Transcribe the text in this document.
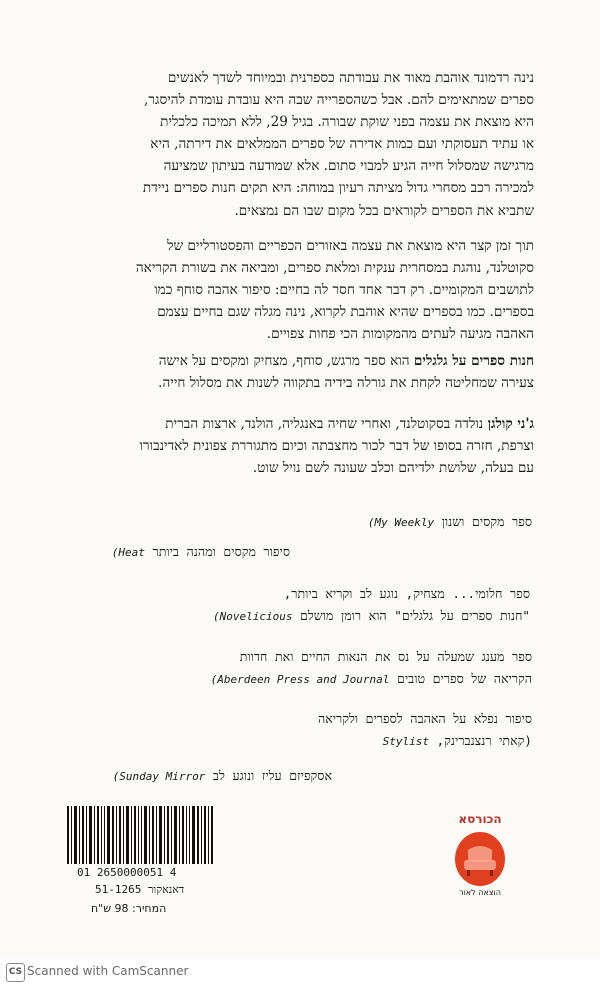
נינה רדמונד אוהבת מאוד את עבודתה כספרנית ובמיוחד לשדך לאנשים
ספרים שמתאימים להם. אבל כשהספרייה שבה היא עובדת עומדת להיסגר,
היא מוצאת את עצמה בפני שוקת שבורה. בגיל 29, ללא תמיכה כלכלית
או עתיד תעסוקתי ועם כמות אדירה של ספרים הממלאים את דירתה, היא
מרגישה שמסלול חייה הגיע למבוי סתום. אלא שמודעה בעיתון שמציעה
למכירה רכב מסחרי גדול מציתה רעיון במוחה: היא תקים חנות ספרים ניידת
שתביא את הספרים לקוראים בכל מקום שבו הם נמצאים.
תוך זמן קצר היא מוצאת את עצמה באזורים הכפריים והפסטורליים של
סקוטלנד, נוהגת במסחרית ענקית ומלאת ספרים, ומביאה את בשורת הקריאה
לתושבים המקומיים. רק דבר אחד חסר לה בחיים: סיפור אהבה סוחף כמו
בספרים. כמו בספרים שהיא אוהבת לקרוא, נינה מגלה שגם בחיים עצמם
האהבה מגיעה לעתים מהמקומות הכי פחות צפויים.
חנות ספרים על גלגלים הוא ספר מרגש, סוחף, מצחיק ומקסים על אישה
צעירה שמחליטה לקחת את גורלה בידיה בתקווה לשנות את מסלול חייה.
ג'ני קולגן נולדה בסקוטלנד, ואחרי שחיה באנגליה, הולנד, ארצות הברית
וצרפת, חזרה בסופו של דבר לכור מחצבתה וכיום מתגוררת צפונית לאדינבורו
עם בעלה, שלושת ילדיהם וכלב שעונה לשם נויל שוט.
ספר מקסים ושנון (My Weekly
סיפור מקסים ומהנה ביותר (Heat
ספר חלומי... מצחיק, נוגע לב וקריא ביותר,
"חנות ספרים על גלגלים" הוא רומן מושלם (Novelicious
ספר מענג שמעלה על נס את הנאות החיים ואת חדוות
הקריאה של ספרים טובים (Aberdeen Press and Journal
סיפור נפלא על האהבה לספרים ולקריאה
(קאתי רנצנברינק, Stylist
אסקפיזם עליז ונוגע לב (Sunday Mirror
01 2650000051 4
דאנאקור 51-1265
המחיר: 98 ש"ח
הכורסא
הוצאה לאור
CS Scanned with CamScanner
